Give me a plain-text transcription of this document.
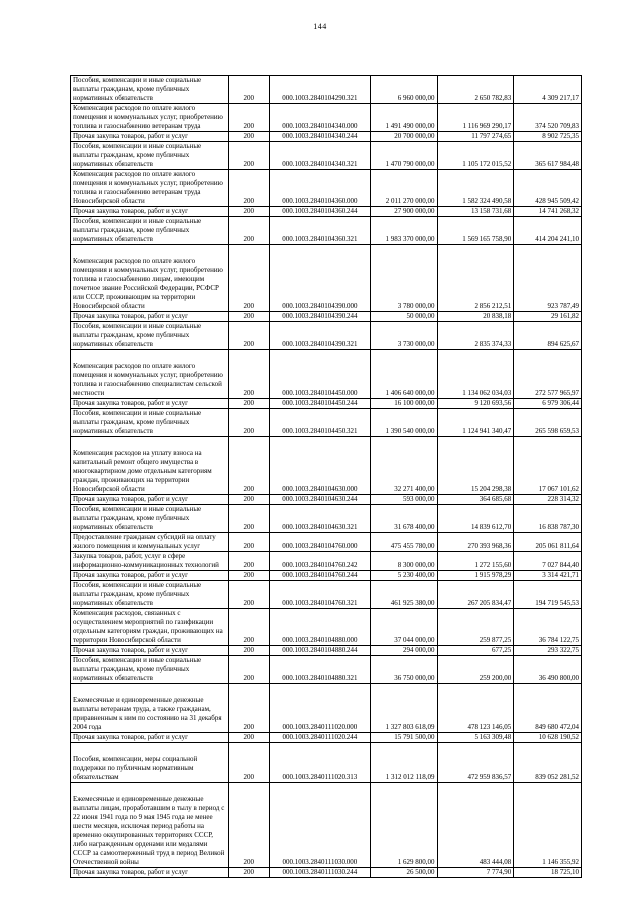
144
Пособия, компенсации и иные социальные выплаты гражданам, кроме публичных нормативных обязательств	200	000.1003.2840104290.321	6 960 000,00	2 650 782,83	4 309 217,17
Компенсация расходов по оплате жилого помещения и коммунальных услуг, приобретению топлива и газоснабжению ветеранам труда	200	000.1003.2840104340.000	1 491 490 000,00	1 116 969 290,17	374 520 709,83
Прочая закупка товаров, работ и услуг	200	000.1003.2840104340.244	20 700 000,00	11 797 274,65	8 902 725,35
Пособия, компенсации и иные социальные выплаты гражданам, кроме публичных нормативных обязательств	200	000.1003.2840104340.321	1 470 790 000,00	1 105 172 015,52	365 617 984,48
Компенсация расходов по оплате жилого помещения и коммунальных услуг, приобретению топлива и газоснабжению ветеранам труда Новосибирской области	200	000.1003.2840104360.000	2 011 270 000,00	1 582 324 490,58	428 945 509,42
Прочая закупка товаров, работ и услуг	200	000.1003.2840104360.244	27 900 000,00	13 158 731,68	14 741 268,32
Пособия, компенсации и иные социальные выплаты гражданам, кроме публичных нормативных обязательств	200	000.1003.2840104360.321	1 983 370 000,00	1 569 165 758,90	414 204 241,10
Компенсация расходов по оплате жилого помещения и коммунальных услуг, приобретению топлива и газоснабжению лицам, имеющим почетное звание Российской Федерации, РСФСР или СССР, проживающим на территории Новосибирской области	200	000.1003.2840104390.000	3 780 000,00	2 856 212,51	923 787,49
Прочая закупка товаров, работ и услуг	200	000.1003.2840104390.244	50 000,00	20 838,18	29 161,82
Пособия, компенсации и иные социальные выплаты гражданам, кроме публичных нормативных обязательств	200	000.1003.2840104390.321	3 730 000,00	2 835 374,33	894 625,67
Компенсация расходов по оплате жилого помещения и коммунальных услуг, приобретению топлива и газоснабжению специалистам сельской местности	200	000.1003.2840104450.000	1 406 640 000,00	1 134 062 034,03	272 577 965,97
Прочая закупка товаров, работ и услуг	200	000.1003.2840104450.244	16 100 000,00	9 120 693,56	6 979 306,44
Пособия, компенсации и иные социальные выплаты гражданам, кроме публичных нормативных обязательств	200	000.1003.2840104450.321	1 390 540 000,00	1 124 941 340,47	265 598 659,53
Компенсация расходов на уплату взноса на капитальный ремонт общего имущества в многоквартирном доме отдельным категориям граждан, проживающих на территории Новосибирской области	200	000.1003.2840104630.000	32 271 400,00	15 204 298,38	17 067 101,62
Прочая закупка товаров, работ и услуг	200	000.1003.2840104630.244	593 000,00	364 685,68	228 314,32
Пособия, компенсации и иные социальные выплаты гражданам, кроме публичных нормативных обязательств	200	000.1003.2840104630.321	31 678 400,00	14 839 612,70	16 838 787,30
Предоставление гражданам субсидий на оплату жилого помещения и коммунальных услуг	200	000.1003.2840104760.000	475 455 780,00	270 393 968,36	205 061 811,64
Закупка товаров, работ, услуг в сфере информационно-коммуникационных технологий	200	000.1003.2840104760.242	8 300 000,00	1 272 155,60	7 027 844,40
Прочая закупка товаров, работ и услуг	200	000.1003.2840104760.244	5 230 400,00	1 915 978,29	3 314 421,71
Пособия, компенсации и иные социальные выплаты гражданам, кроме публичных нормативных обязательств	200	000.1003.2840104760.321	461 925 380,00	267 205 834,47	194 719 545,53
Компенсация расходов, связанных с осуществлением мероприятий по газификации отдельным категориям граждан, проживающих на территории Новосибирской области	200	000.1003.2840104880.000	37 044 000,00	259 877,25	36 784 122,75
Прочая закупка товаров, работ и услуг	200	000.1003.2840104880.244	294 000,00	677,25	293 322,75
Пособия, компенсации и иные социальные выплаты гражданам, кроме публичных нормативных обязательств	200	000.1003.2840104880.321	36 750 000,00	259 200,00	36 490 800,00
Ежемесячные и единовременные денежные выплаты ветеранам труда, а также гражданам, приравненным к ним по состоянию на 31 декабря 2004 года	200	000.1003.2840111020.000	1 327 803 618,09	478 123 146,05	849 680 472,04
Прочая закупка товаров, работ и услуг	200	000.1003.2840111020.244	15 791 500,00	5 163 309,48	10 628 190,52
Пособия, компенсации, меры социальной поддержки по публичным нормативным обязательствам	200	000.1003.2840111020.313	1 312 012 118,09	472 959 836,57	839 052 281,52
Ежемесячные и единовременные денежные выплаты лицам, проработавшим в тылу в период с 22 июня 1941 года по 9 мая 1945 года не менее шести месяцев, исключая период работы на временно оккупированных территориях СССР, либо награжденным орденами или медалями СССР за самоотверженный труд в период Великой Отечественной войны	200	000.1003.2840111030.000	1 629 800,00	483 444,08	1 146 355,92
Прочая закупка товаров, работ и услуг	200	000.1003.2840111030.244	26 500,00	7 774,90	18 725,10
